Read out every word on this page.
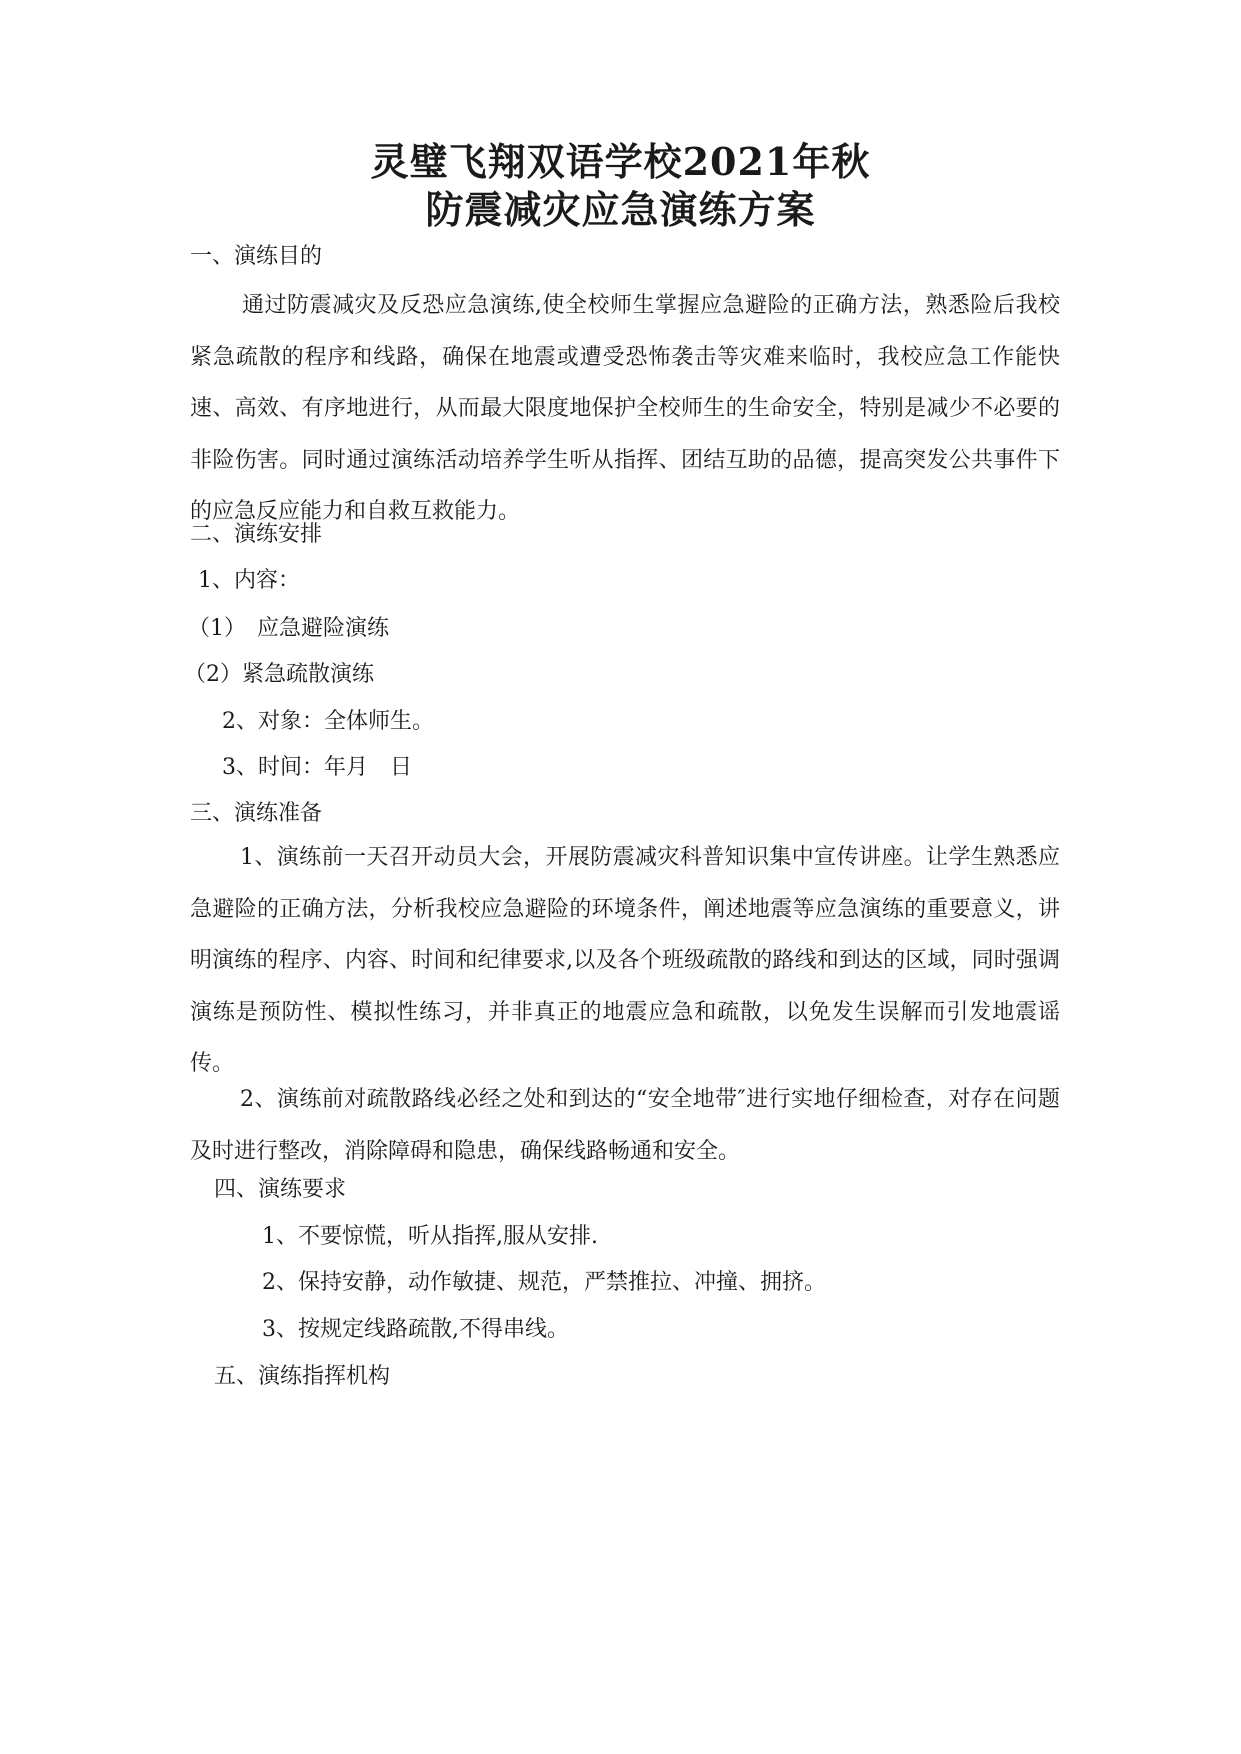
灵璧飞翔双语学校2021年秋
防震减灾应急演练方案
一、演练目的
通过防震减灾及反恐应急演练,使全校师生掌握应急避险的正确方法，熟悉险后我校紧急疏散的程序和线路，确保在地震或遭受恐怖袭击等灾难来临时，我校应急工作能快速、高效、有序地进行，从而最大限度地保护全校师生的生命安全，特别是减少不必要的非险伤害。同时通过演练活动培养学生听从指挥、团结互助的品德，提高突发公共事件下的应急反应能力和自救互救能力。
二、演练安排
1、内容：
（1）　应急避险演练
（2）紧急疏散演练
2、对象：全体师生。
3、时间：年月　日
三、演练准备
1、演练前一天召开动员大会，开展防震减灾科普知识集中宣传讲座。让学生熟悉应急避险的正确方法，分析我校应急避险的环境条件，阐述地震等应急演练的重要意义，讲明演练的程序、内容、时间和纪律要求,以及各个班级疏散的路线和到达的区域，同时强调演练是预防性、模拟性练习，并非真正的地震应急和疏散，以免发生误解而引发地震谣传。
2、演练前对疏散路线必经之处和到达的“安全地带″进行实地仔细检查，对存在问题及时进行整改，消除障碍和隐患，确保线路畅通和安全。
四、演练要求
1、不要惊慌，听从指挥,服从安排.
2、保持安静，动作敏捷、规范，严禁推拉、冲撞、拥挤。
3、按规定线路疏散,不得串线。
五、演练指挥机构
